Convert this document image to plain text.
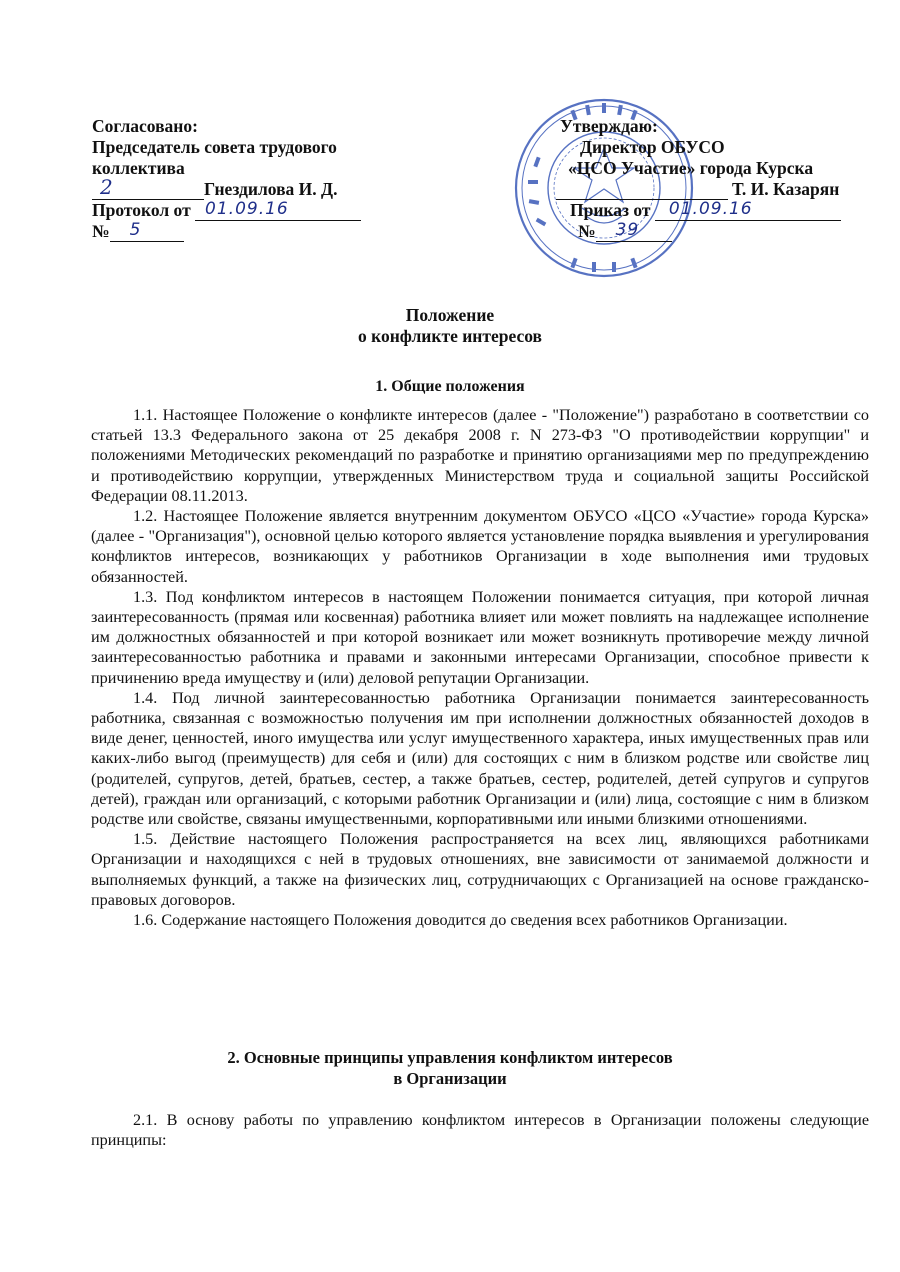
Согласовано:
Председатель совета трудового
коллектива
2	Гнездилова И. Д.
Протокол от 01.09.16
№ 5
Утверждаю:
Директор ОБУСО
«ЦСО Участие» города Курска
Т. И. Казарян
Приказ от 01.09.16
№ 39
Положение
о конфликте интересов
1. Общие положения

1.1. Настоящее Положение о конфликте интересов (далее - "Положение") разработано в соответствии со статьей 13.3 Федерального закона от 25 декабря 2008 г. N 273-ФЗ "О противодействии коррупции" и положениями Методических рекомендаций по разработке и принятию организациями мер по предупреждению и противодействию коррупции, утвержденных Министерством труда и социальной защиты Российской Федерации 08.11.2013.

1.2. Настоящее Положение является внутренним документом ОБУСО «ЦСО «Участие» города Курска» (далее - "Организация"), основной целью которого является установление порядка выявления и урегулирования конфликтов интересов, возникающих у работников Организации в ходе выполнения ими трудовых обязанностей.

1.3. Под конфликтом интересов в настоящем Положении понимается ситуация, при которой личная заинтересованность (прямая или косвенная) работника влияет или может повлиять на надлежащее исполнение им должностных обязанностей и при которой возникает или может возникнуть противоречие между личной заинтересованностью работника и правами и законными интересами Организации, способное привести к причинению вреда имуществу и (или) деловой репутации Организации.

1.4. Под личной заинтересованностью работника Организации понимается заинтересованность работника, связанная с возможностью получения им при исполнении должностных обязанностей доходов в виде денег, ценностей, иного имущества или услуг имущественного характера, иных имущественных прав или каких-либо выгод (преимуществ) для себя и (или) для состоящих с ним в близком родстве или свойстве лиц (родителей, супругов, детей, братьев, сестер, а также братьев, сестер, родителей, детей супругов и супругов детей), граждан или организаций, с которыми работник Организации и (или) лица, состоящие с ним в близком родстве или свойстве, связаны имущественными, корпоративными или иными близкими отношениями.

1.5. Действие настоящего Положения распространяется на всех лиц, являющихся работниками Организации и находящихся с ней в трудовых отношениях, вне зависимости от занимаемой должности и выполняемых функций, а также на физических лиц, сотрудничающих с Организацией на основе гражданско-правовых договоров.

1.6. Содержание настоящего Положения доводится до сведения всех работников Организации.

2. Основные принципы управления конфликтом интересов
в Организации

2.1. В основу работы по управлению конфликтом интересов в Организации положены следующие принципы:
